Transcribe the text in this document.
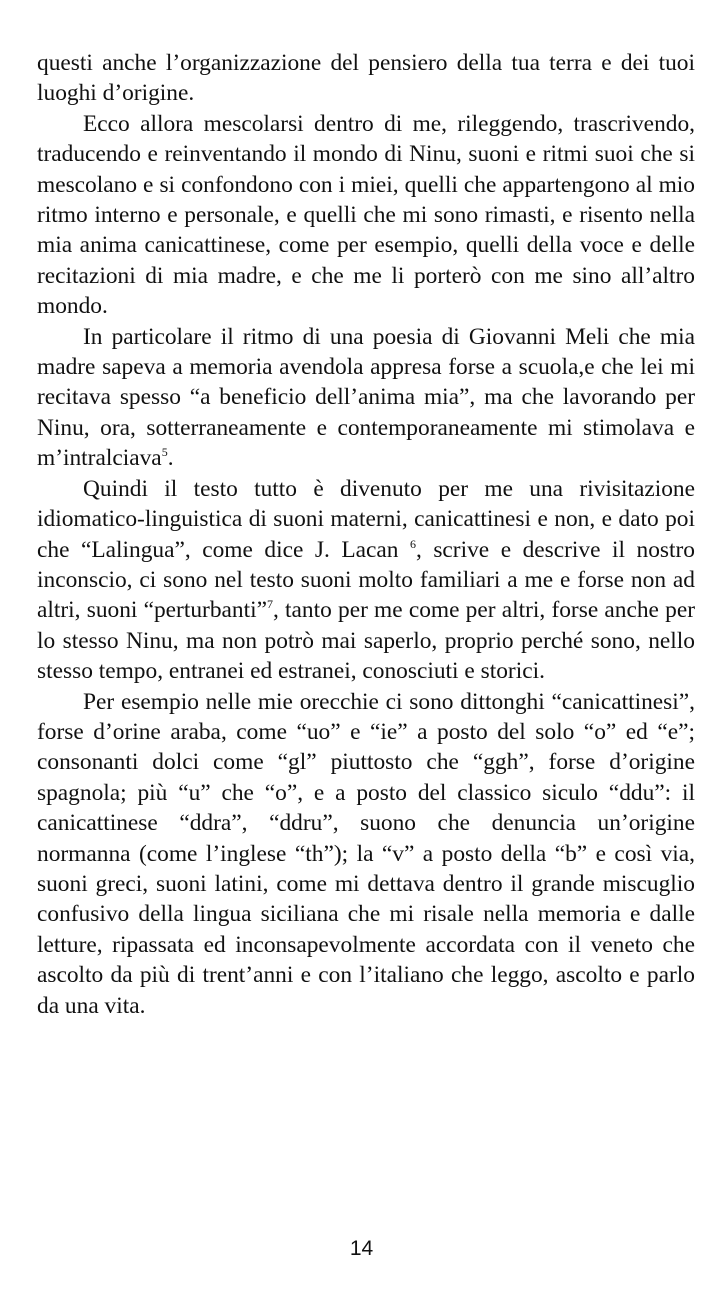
questi anche l’organizzazione del pensiero della tua terra e dei tuoi luoghi d’origine.

Ecco allora mescolarsi dentro di me, rileggendo, trascrivendo, traducendo e reinventando il mondo di Ninu, suoni e ritmi suoi che si mescolano e si confondono con i miei, quelli che appartengono al mio ritmo interno e personale, e quelli che mi sono rimasti, e risento nella mia anima canicattinese, come per esempio, quelli della voce e delle recitazioni di mia madre, e che me li porterò con me sino all’altro mondo.

In particolare il ritmo di una poesia di Giovanni Meli che mia madre sapeva a memoria avendola appresa forse a scuola,e che lei mi recitava spesso “a beneficio dell’anima mia”, ma che lavorando per Ninu, ora, sotterraneamente e contemporaneamente mi stimolava e m’intralciava$^5$.

Quindi il testo tutto è divenuto per me una rivisitazione idiomatico-linguistica di suoni materni, canicattinesi e non, e dato poi che “Lalingua”, come dice J. Lacan $^6$, scrive e descrive il nostro inconscio, ci sono nel testo suoni molto familiari a me e forse non ad altri, suoni “perturbanti”$^7$, tanto per me come per altri, forse anche per lo stesso Ninu, ma non potrò mai saperlo, proprio perché sono, nello stesso tempo, entranei ed estranei, conosciuti e storici.

Per esempio nelle mie orecchie ci sono dittonghi “canicattinesi”, forse d’orine araba, come “uo” e “ie” a posto del solo “o” ed “e”; consonanti dolci come “gl” piuttosto che “ggh”, forse d’origine spagnola; più “u” che “o”, e a posto del classico siculo “ddu”: il canicattinese “ddra”, “ddru”, suono che denuncia un’origine normanna (come l’inglese “th”); la “v” a posto della “b” e così via, suoni greci, suoni latini, come mi dettava dentro il grande miscuglio confusivo della lingua siciliana che mi risale nella memoria e dalle letture, ripassata ed inconsapevolmente accordata con il veneto che ascolto da più di trent’anni e con l’italiano che leggo, ascolto e parlo da una vita.

14
